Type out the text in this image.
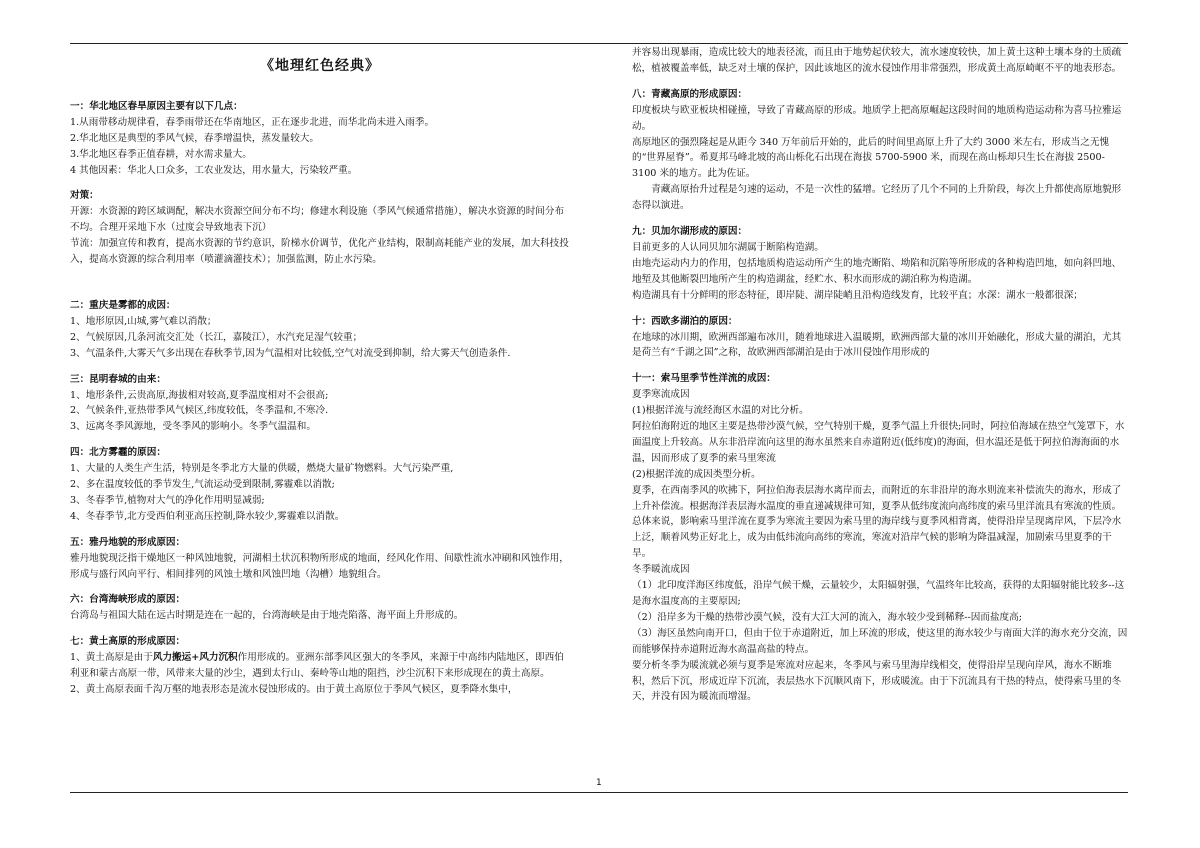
《地理红色经典》

一：华北地区春旱原因主要有以下几点：

1.从雨带移动规律看，春季雨带还在华南地区，正在逐步北进，而华北尚未进入雨季。

2.华北地区是典型的季风气候，春季增温快，蒸发量较大。

3.华北地区春季正值春耕，对水需求量大。

4 其他因素：华北人口众多，工农业发达，用水量大，污染较严重。

对策：

开源：水资源的跨区域调配，解决水资源空间分布不均；修建水利设施（季风气候通常措施），解决水资源的时间分布不均。合理开采地下水（过度会导致地表下沉）

节流：加强宣传和教育，提高水资源的节约意识，阶梯水价调节，优化产业结构，限制高耗能产业的发展，加大科技投入，提高水资源的综合利用率（喷灌滴灌技术）；加强监测，防止水污染。

二：重庆是雾都的成因：

1、地形原因,山城,雾气难以消散；

2、气候原因,几条河流交汇处（长江，嘉陵江），水汽充足湿气较重；

3、气温条件,大雾天气多出现在春秋季节,因为气温相对比较低,空气对流受到抑制，给大雾天气创造条件.

三：昆明春城的由来：

1、地形条件,云贵高原,海拔相对较高,夏季温度相对不会很高;

2、气候条件,亚热带季风气候区,纬度较低，冬季温和,不寒冷.

3、远离冬季风源地，受冬季风的影响小。冬季气温温和。

四：北方雾霾的原因：

1、大量的人类生产生活，特别是冬季北方大量的供暖，燃烧大量矿物燃料。大气污染严重,

2、多在温度较低的季节发生,气流运动受到限制,雾霾难以消散;

3、冬春季节,植物对大气的净化作用明显减弱;

4、冬春季节,北方受西伯利亚高压控制,降水较少,雾霾难以消散。

五：雅丹地貌的形成原因：

雅丹地貌现泛指干燥地区一种风蚀地貌，河湖相土状沉积物所形成的地面，经风化作用、间歇性流水冲刷和风蚀作用，形成与盛行风向平行、相间排列的风蚀土墩和风蚀凹地（沟槽）地貌组合。

六：台湾海峡形成的原因：

台湾岛与祖国大陆在远古时期是连在一起的，台湾海峡是由于地壳陷落、海平面上升形成的。

七：黄土高原的形成原因：

1、黄土高原是由于风力搬运+风力沉积作用形成的。亚洲东部季风区强大的冬季风，来源于中高纬内陆地区，即西伯利亚和蒙古高原一带，风带来大量的沙尘，遇到太行山、秦岭等山地的阻挡，沙尘沉积下来形成现在的黄土高原。

2、黄土高原表面千沟万壑的地表形态是流水侵蚀形成的。由于黄土高原位于季风气候区，夏季降水集中，

并容易出现暴雨，造成比较大的地表径流，而且由于地势起伏较大，流水速度较快，加上黄土这种土壤本身的土质疏松，植被覆盖率低，缺乏对土壤的保护，因此该地区的流水侵蚀作用非常强烈，形成黄土高原崎岖不平的地表形态。

八：青藏高原的形成原因：

印度板块与欧亚板块相碰撞，导致了青藏高原的形成。地质学上把高原崛起这段时间的地质构造运动称为喜马拉雅运动。

高原地区的强烈隆起是从距今 340 万年前后开始的，此后的时间里高原上升了大约 3000 米左右，形成当之无愧的“世界屋脊”。希夏邦马峰北坡的高山栎化石出现在海拔 5700-5900 米，而现在高山栎却只生长在海拔 2500-3100 米的地方。此为佐证。

青藏高原抬升过程是匀速的运动，不是一次性的猛增。它经历了几个不同的上升阶段，每次上升都使高原地貌形态得以演进。

九：贝加尔湖形成的原因：

目前更多的人认同贝加尔湖属于断陷构造湖。

由地壳运动内力的作用，包括地质构造运动所产生的地壳断陷、坳陷和沉陷等所形成的各种构造凹地，如向斜凹地、地堑及其他断裂凹地所产生的构造湖盆，经贮水、积水而形成的湖泊称为构造湖。

构造湖具有十分鲜明的形态特征，即岸陡、湖岸陡峭且沿构造线发育，比较平直；水深：湖水一般都很深；

十：西欧多湖泊的原因：

在地球的冰川期，欧洲西部遍布冰川，随着地球进入温暖期，欧洲西部大量的冰川开始融化，形成大量的湖泊，尤其是荷兰有“千湖之国”之称，故欧洲西部湖泊是由于冰川侵蚀作用形成的

十一：索马里季节性洋流的成因：

夏季寒流成因

(1)根据洋流与流经海区水温的对比分析。

阿拉伯海附近的地区主要是热带沙漠气候，空气特别干燥，夏季气温上升很快;同时，阿拉伯海域在热空气笼罩下，水面温度上升较高。从东非沿岸流向这里的海水虽然来自赤道附近(低纬度)的海面，但水温还是低于阿拉伯海海面的水温，因而形成了夏季的索马里寒流

(2)根据洋流的成因类型分析。

夏季，在西南季风的吹拂下，阿拉伯海表层海水离岸而去，而附近的东非沿岸的海水则流来补偿流失的海水，形成了上升补偿流。根据海洋表层海水温度的垂直递减规律可知，夏季从低纬度流向高纬度的索马里洋流具有寒流的性质。

总体来说，影响索马里洋流在夏季为寒流主要因为索马里的海岸线与夏季风相背离，使得沿岸呈现离岸风，下层冷水上泛，顺着风势正好北上，成为由低纬流向高纬的寒流，寒流对沿岸气候的影响为降温减湿，加剧索马里夏季的干旱。

冬季暖流成因

（1）北印度洋海区纬度低，沿岸气候干燥，云量较少，太阳辐射强，气温终年比较高，获得的太阳辐射能比较多--这是海水温度高的主要原因;

（2）沿岸多为干燥的热带沙漠气候，没有大江大河的流入，海水较少受到稀释--因而盐度高;

（3）海区虽然向南开口，但由于位于赤道附近，加上环流的形成，使这里的海水较少与南面大洋的海水充分交流，因而能够保持赤道附近海水高温高盐的特点。

要分析冬季为暖流就必须与夏季是寒流对应起来，冬季风与索马里海岸线相交，使得沿岸呈现向岸风，海水不断堆积，然后下沉，形成近岸下沉流，表层热水下沉顺风南下，形成暖流。由于下沉流具有干热的特点，使得索马里的冬天，并没有因为暖流而增湿。

1
